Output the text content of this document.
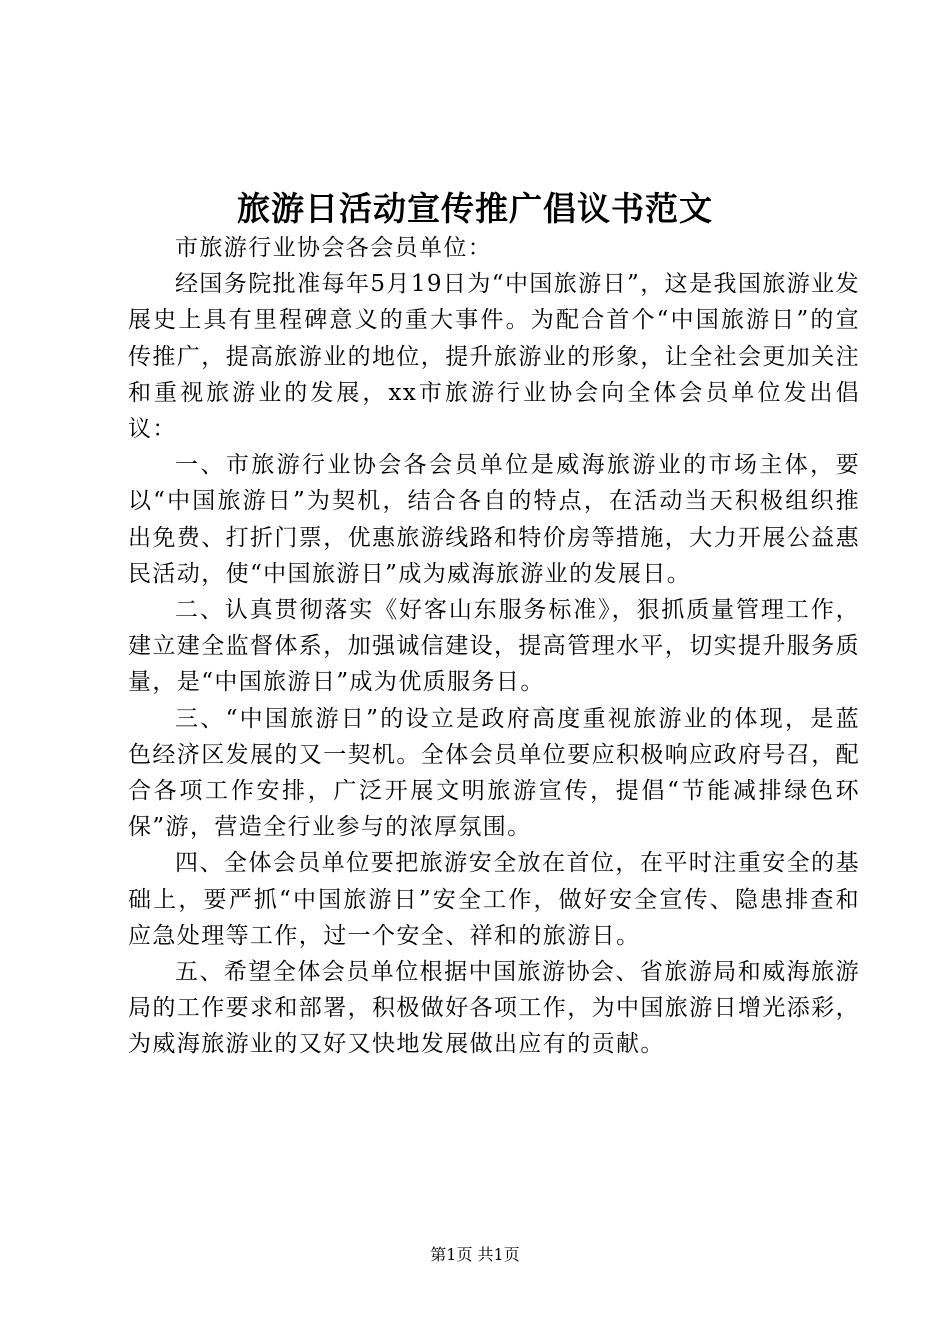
旅游日活动宣传推广倡议书范文

市旅游行业协会各会员单位：

经国务院批准每年5月19日为“中国旅游日”，这是我国旅游业发展史上具有里程碑意义的重大事件。为配合首个“中国旅游日”的宣传推广，提高旅游业的地位，提升旅游业的形象，让全社会更加关注和重视旅游业的发展，xx市旅游行业协会向全体会员单位发出倡议：

一、市旅游行业协会各会员单位是威海旅游业的市场主体，要以“中国旅游日”为契机，结合各自的特点，在活动当天积极组织推出免费、打折门票，优惠旅游线路和特价房等措施，大力开展公益惠民活动，使“中国旅游日”成为威海旅游业的发展日。

二、认真贯彻落实《好客山东服务标准》，狠抓质量管理工作，建立建全监督体系，加强诚信建设，提高管理水平，切实提升服务质量，是“中国旅游日”成为优质服务日。

三、“中国旅游日”的设立是政府高度重视旅游业的体现，是蓝色经济区发展的又一契机。全体会员单位要应积极响应政府号召，配合各项工作安排，广泛开展文明旅游宣传，提倡“节能减排绿色环保”游，营造全行业参与的浓厚氛围。

四、全体会员单位要把旅游安全放在首位，在平时注重安全的基础上，要严抓“中国旅游日”安全工作，做好安全宣传、隐患排查和应急处理等工作，过一个安全、祥和的旅游日。

五、希望全体会员单位根据中国旅游协会、省旅游局和威海旅游局的工作要求和部署，积极做好各项工作，为中国旅游日增光添彩，为威海旅游业的又好又快地发展做出应有的贡献。

第1页 共1页
